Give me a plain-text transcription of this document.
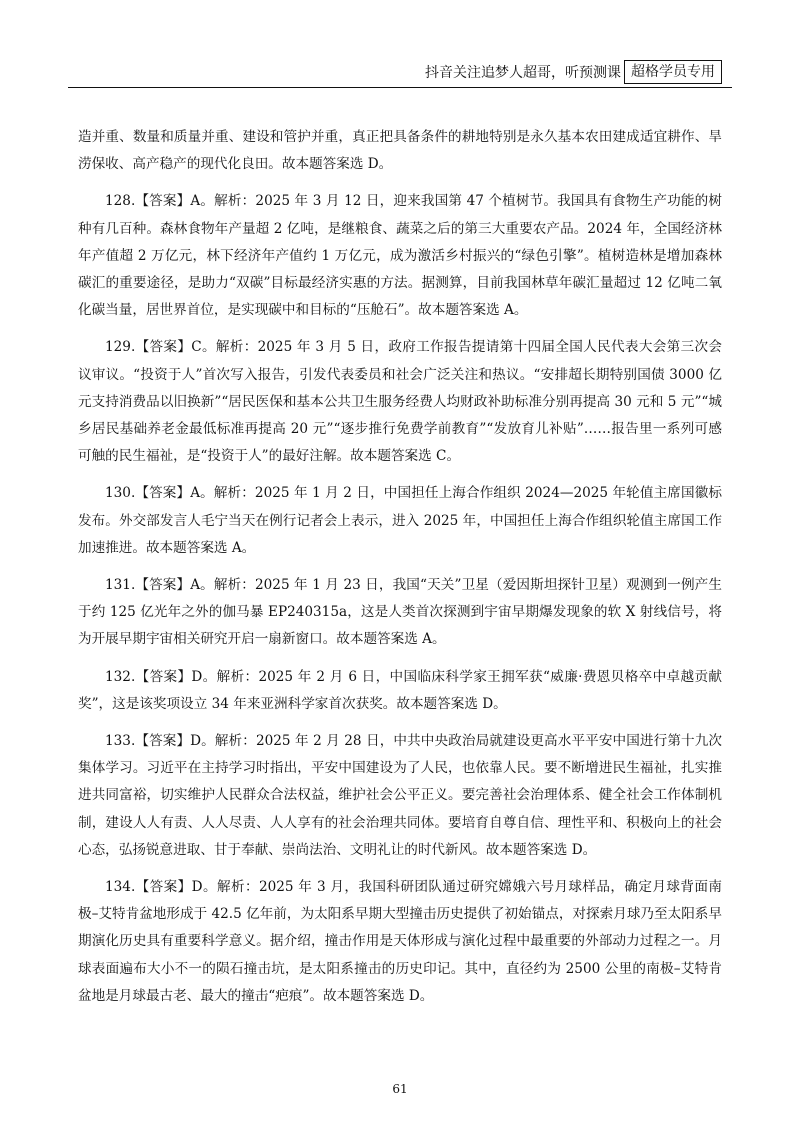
抖音关注追梦人超哥，听预测课 超格学员专用

造并重、数量和质量并重、建设和管护并重，真正把具备条件的耕地特别是永久基本农田建成适宜耕作、旱涝保收、高产稳产的现代化良田。故本题答案选 D。

128.【答案】A。解析：2025 年 3 月 12 日，迎来我国第 47 个植树节。我国具有食物生产功能的树种有几百种。森林食物年产量超 2 亿吨，是继粮食、蔬菜之后的第三大重要农产品。2024 年，全国经济林年产值超 2 万亿元，林下经济年产值约 1 万亿元，成为激活乡村振兴的“绿色引擎”。植树造林是增加森林碳汇的重要途径，是助力“双碳”目标最经济实惠的方法。据测算，目前我国林草年碳汇量超过 12 亿吨二氧化碳当量，居世界首位，是实现碳中和目标的“压舱石”。故本题答案选 A。

129.【答案】C。解析：2025 年 3 月 5 日，政府工作报告提请第十四届全国人民代表大会第三次会议审议。“投资于人”首次写入报告，引发代表委员和社会广泛关注和热议。“安排超长期特别国债 3000 亿元支持消费品以旧换新”“居民医保和基本公共卫生服务经费人均财政补助标准分别再提高 30 元和 5 元”“城乡居民基础养老金最低标准再提高 20 元”“逐步推行免费学前教育”“发放育儿补贴”……报告里一系列可感可触的民生福祉，是“投资于人”的最好注解。故本题答案选 C。

130.【答案】A。解析：2025 年 1 月 2 日，中国担任上海合作组织 2024—2025 年轮值主席国徽标发布。外交部发言人毛宁当天在例行记者会上表示，进入 2025 年，中国担任上海合作组织轮值主席国工作加速推进。故本题答案选 A。

131.【答案】A。解析：2025 年 1 月 23 日，我国“天关”卫星（爱因斯坦探针卫星）观测到一例产生于约 125 亿光年之外的伽马暴 EP240315a，这是人类首次探测到宇宙早期爆发现象的软 X 射线信号，将为开展早期宇宙相关研究开启一扇新窗口。故本题答案选 A。

132.【答案】D。解析：2025 年 2 月 6 日，中国临床科学家王拥军获“威廉·费恩贝格卒中卓越贡献奖”，这是该奖项设立 34 年来亚洲科学家首次获奖。故本题答案选 D。

133.【答案】D。解析：2025 年 2 月 28 日，中共中央政治局就建设更高水平平安中国进行第十九次集体学习。习近平在主持学习时指出，平安中国建设为了人民，也依靠人民。要不断增进民生福祉，扎实推进共同富裕，切实维护人民群众合法权益，维护社会公平正义。要完善社会治理体系、健全社会工作体制机制，建设人人有责、人人尽责、人人享有的社会治理共同体。要培育自尊自信、理性平和、积极向上的社会心态，弘扬锐意进取、甘于奉献、崇尚法治、文明礼让的时代新风。故本题答案选 D。

134.【答案】D。解析：2025 年 3 月，我国科研团队通过研究嫦娥六号月球样品，确定月球背面南极–艾特肯盆地形成于 42.5 亿年前，为太阳系早期大型撞击历史提供了初始锚点，对探索月球乃至太阳系早期演化历史具有重要科学意义。据介绍，撞击作用是天体形成与演化过程中最重要的外部动力过程之一。月球表面遍布大小不一的陨石撞击坑，是太阳系撞击的历史印记。其中，直径约为 2500 公里的南极–艾特肯盆地是月球最古老、最大的撞击“疤痕”。故本题答案选 D。

61
